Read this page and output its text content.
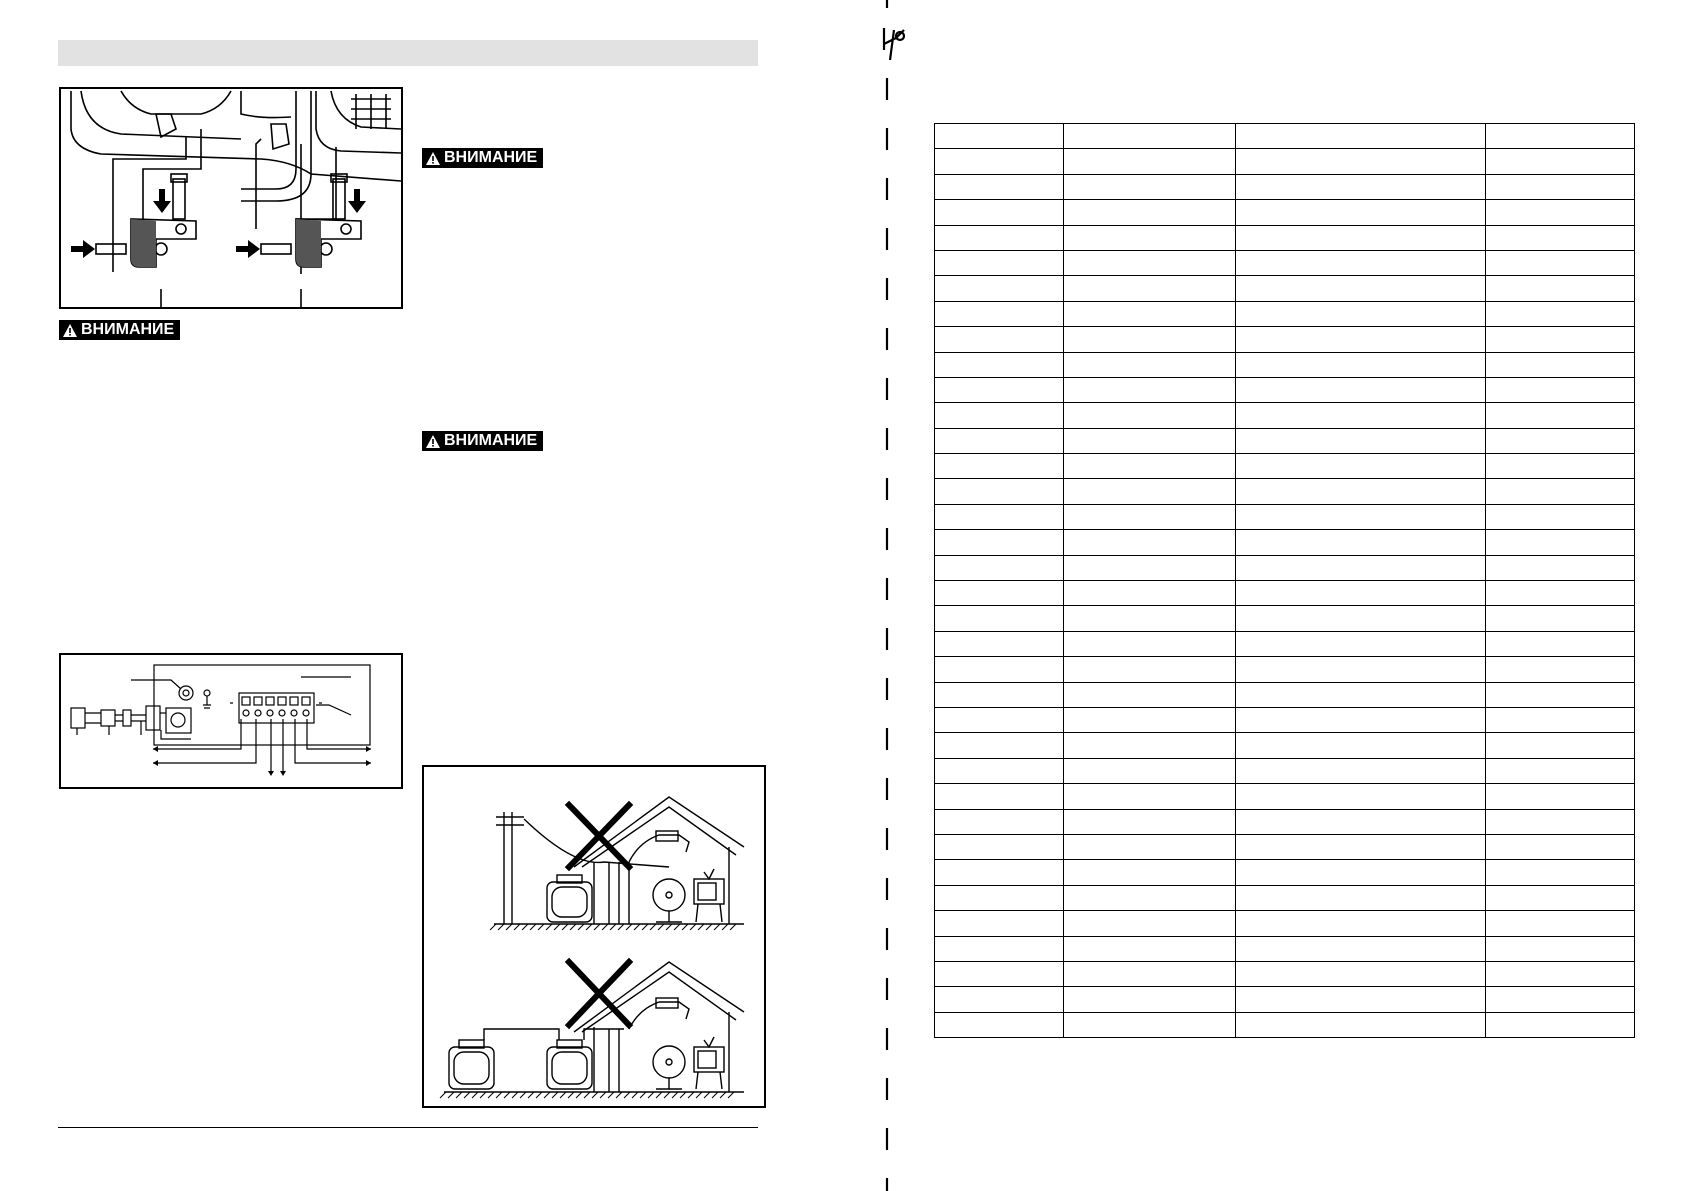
ВНИМАНИЕ
ВНИМАНИЕ
ВНИМАНИЕ
